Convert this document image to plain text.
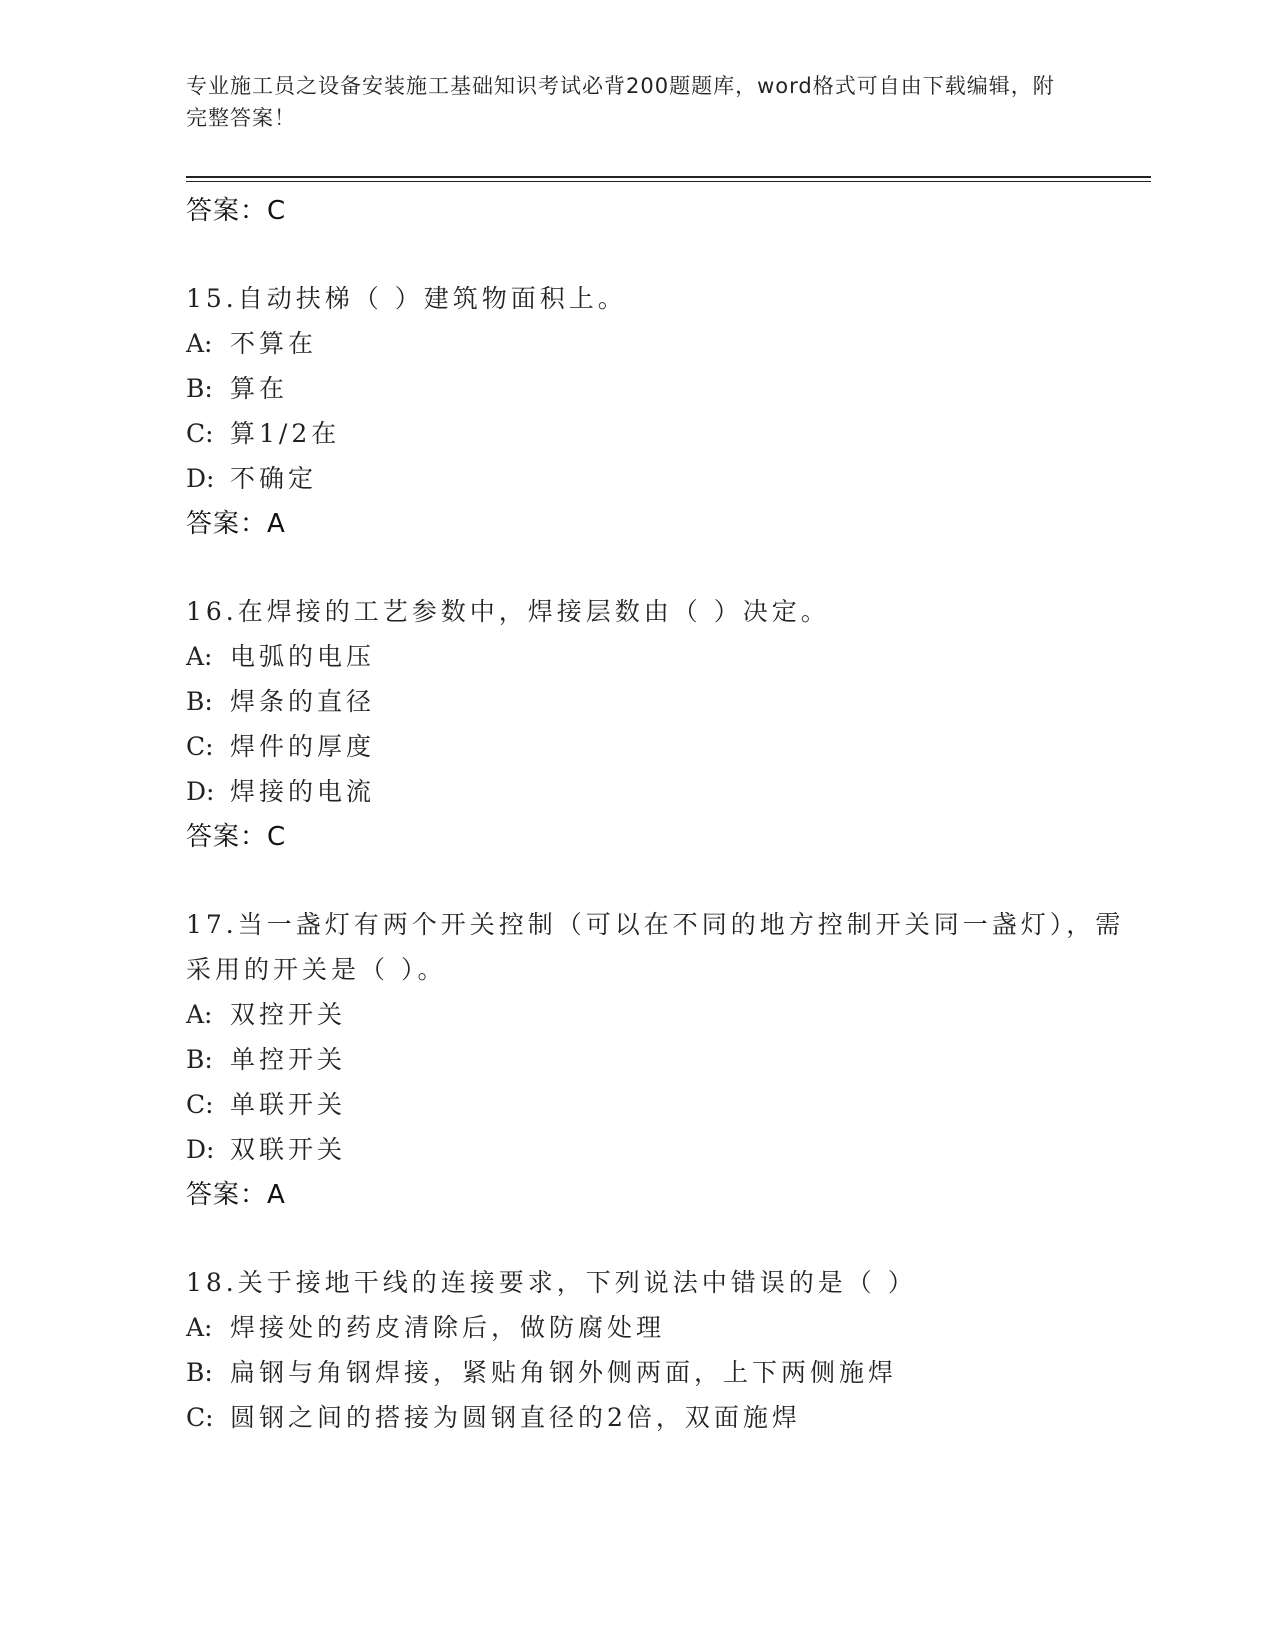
专业施工员之设备安装施工基础知识考试必背200题题库，word格式可自由下载编辑，附完整答案！
答案：C
15.自动扶梯（ ）建筑物面积上。
A: 不算在
B: 算在
C: 算1/2在
D: 不确定
答案：A
16.在焊接的工艺参数中，焊接层数由（ ）决定。
A: 电弧的电压
B: 焊条的直径
C: 焊件的厚度
D: 焊接的电流
答案：C
17.当一盏灯有两个开关控制（可以在不同的地方控制开关同一盏灯），需采用的开关是（ ）。
A: 双控开关
B: 单控开关
C: 单联开关
D: 双联开关
答案：A
18.关于接地干线的连接要求，下列说法中错误的是（ ）
A: 焊接处的药皮清除后，做防腐处理
B: 扁钢与角钢焊接，紧贴角钢外侧两面，上下两侧施焊
C: 圆钢之间的搭接为圆钢直径的2倍，双面施焊
